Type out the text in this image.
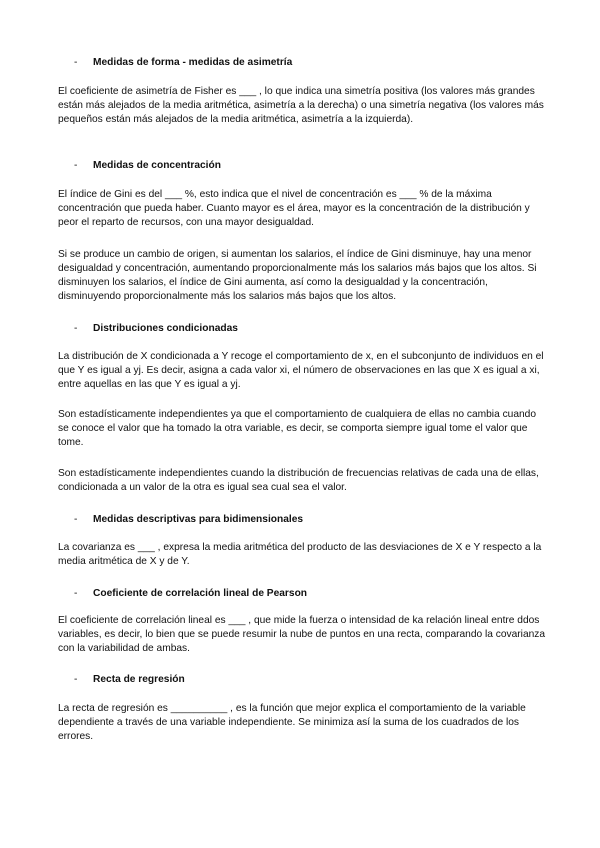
- Medidas de forma - medidas de asimetría

El coeficiente de asimetría de Fisher es ___ , lo que indica una simetría positiva (los valores más grandes están más alejados de la media aritmética, asimetría a la derecha) o una simetría negativa (los valores más pequeños están más alejados de la media aritmética, asimetría a la izquierda).

- Medidas de concentración

El índice de Gini es del ___ %, esto indica que el nivel de concentración es ___ % de la máxima concentración que pueda haber. Cuanto mayor es el área, mayor es la concentración de la distribución y peor el reparto de recursos, con una mayor desigualdad.

Si se produce un cambio de origen, si aumentan los salarios, el índice de Gini disminuye, hay una menor desigualdad y concentración, aumentando proporcionalmente más los salarios más bajos que los altos. Si disminuyen los salarios, el índice de Gini aumenta, así como la desigualdad y la concentración, disminuyendo proporcionalmente más los salarios más bajos que los altos.

- Distribuciones condicionadas

La distribución de X condicionada a Y recoge el comportamiento de x, en el subconjunto de individuos en el que Y es igual a yj. Es decir, asigna a cada valor xi, el número de observaciones en las que X es igual a xi, entre aquellas en las que Y es igual a yj.

Son estadísticamente independientes ya que el comportamiento de cualquiera de ellas no cambia cuando se conoce el valor que ha tomado la otra variable, es decir, se comporta siempre igual tome el valor que tome.

Son estadísticamente independientes cuando la distribución de frecuencias relativas de cada una de ellas, condicionada a un valor de la otra es igual sea cual sea el valor.

- Medidas descriptivas para bidimensionales

La covarianza es ___ , expresa la media aritmética del producto de las desviaciones de X e Y respecto a la media aritmética de X y de Y.

- Coeficiente de correlación lineal de Pearson

El coeficiente de correlación lineal es ___ , que mide la fuerza o intensidad de ka relación lineal entre ddos variables, es decir, lo bien que se puede resumir la nube de puntos en una recta, comparando la covarianza con la variabilidad de ambas.

- Recta de regresión

La recta de regresión es __________ , es la función que mejor explica el comportamiento de la variable dependiente a través de una variable independiente. Se minimiza así la suma de los cuadrados de los errores.
